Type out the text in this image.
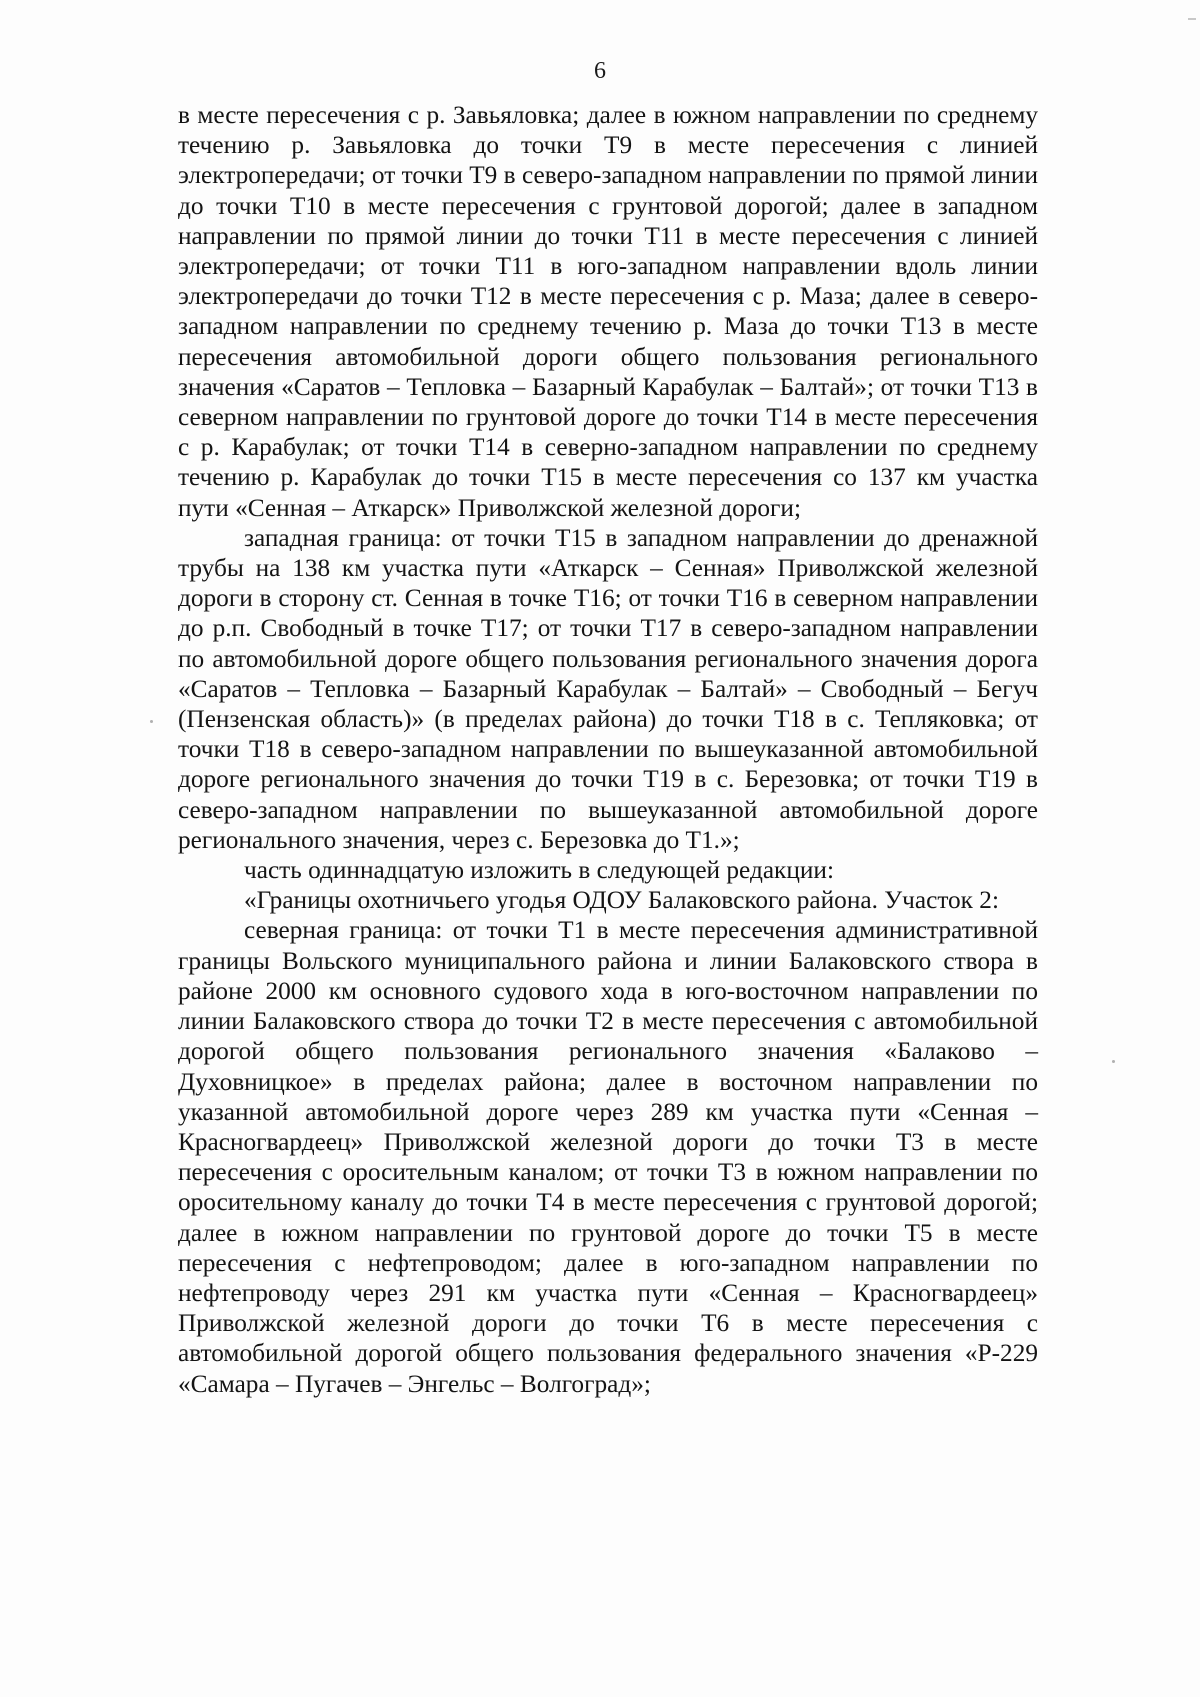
6

в месте пересечения с р. Завьяловка; далее в южном направлении по среднему течению р. Завьяловка до точки Т9 в месте пересечения с линией электропередачи; от точки Т9 в северо-западном направлении по прямой линии до точки Т10 в месте пересечения с грунтовой дорогой; далее в западном направлении по прямой линии до точки Т11 в месте пересечения с линией электропередачи; от точки Т11 в юго-западном направлении вдоль линии электропередачи до точки Т12 в месте пересечения с р. Маза; далее в северо-западном направлении по среднему течению р. Маза до точки Т13 в месте пересечения автомобильной дороги общего пользования регионального значения «Саратов – Тепловка – Базарный Карабулак – Балтай»; от точки Т13 в северном направлении по грунтовой дороге до точки Т14 в месте пересечения с р. Карабулак; от точки Т14 в северно-западном направлении по среднему течению р. Карабулак до точки Т15 в месте пересечения со 137 км участка пути «Сенная – Аткарск» Приволжской железной дороги;

западная граница: от точки Т15 в западном направлении до дренажной трубы на 138 км участка пути «Аткарск – Сенная» Приволжской железной дороги в сторону ст. Сенная в точке Т16; от точки Т16 в северном направлении до р.п. Свободный в точке Т17; от точки Т17 в северо-западном направлении по автомобильной дороге общего пользования регионального значения дорога «Саратов – Тепловка – Базарный Карабулак – Балтай» – Свободный – Бегуч (Пензенская область)» (в пределах района) до точки Т18 в с. Тепляковка; от точки Т18 в северо-западном направлении по вышеуказанной автомобильной дороге регионального значения до точки Т19 в с. Березовка; от точки Т19 в северо-западном направлении по вышеуказанной автомобильной дороге регионального значения, через с. Березовка до Т1.»;

часть одиннадцатую изложить в следующей редакции:

«Границы охотничьего угодья ОДОУ Балаковского района. Участок 2:

северная граница: от точки Т1 в месте пересечения административной границы Вольского муниципального района и линии Балаковского створа в районе 2000 км основного судового хода в юго-восточном направлении по линии Балаковского створа до точки Т2 в месте пересечения с автомобильной дорогой общего пользования регионального значения «Балаково – Духовницкое» в пределах района; далее в восточном направлении по указанной автомобильной дороге через 289 км участка пути «Сенная – Красногвардеец» Приволжской железной дороги до точки Т3 в месте пересечения с оросительным каналом; от точки Т3 в южном направлении по оросительному каналу до точки Т4 в месте пересечения с грунтовой дорогой; далее в южном направлении по грунтовой дороге до точки Т5 в месте пересечения с нефтепроводом; далее в юго-западном направлении по нефтепроводу через 291 км участка пути «Сенная – Красногвардеец» Приволжской железной дороги до точки Т6 в месте пересечения с автомобильной дорогой общего пользования федерального значения «Р-229 «Самара – Пугачев – Энгельс – Волгоград»;
